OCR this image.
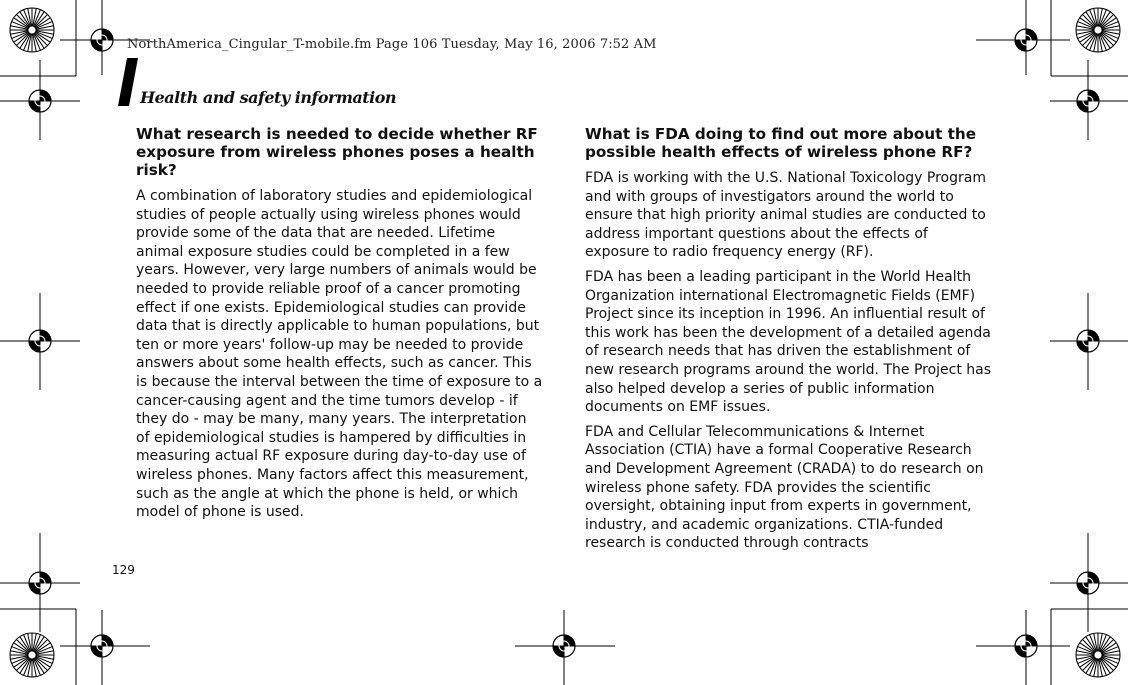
NorthAmerica_Cingular_T-mobile.fm Page 106 Tuesday, May 16, 2006 7:52 AM
Health and safety information
What research is needed to decide whether RF exposure from wireless phones poses a health risk?
A combination of laboratory studies and epidemiological studies of people actually using wireless phones would provide some of the data that are needed. Lifetime animal exposure studies could be completed in a few years. However, very large numbers of animals would be needed to provide reliable proof of a cancer promoting effect if one exists. Epidemiological studies can provide data that is directly applicable to human populations, but ten or more years' follow-up may be needed to provide answers about some health effects, such as cancer. This is because the interval between the time of exposure to a cancer-causing agent and the time tumors develop - if they do - may be many, many years. The interpretation of epidemiological studies is hampered by difficulties in measuring actual RF exposure during day-to-day use of wireless phones. Many factors affect this measurement, such as the angle at which the phone is held, or which model of phone is used.
What is FDA doing to find out more about the possible health effects of wireless phone RF?
FDA is working with the U.S. National Toxicology Program and with groups of investigators around the world to ensure that high priority animal studies are conducted to address important questions about the effects of exposure to radio frequency energy (RF).
FDA has been a leading participant in the World Health Organization international Electromagnetic Fields (EMF) Project since its inception in 1996. An influential result of this work has been the development of a detailed agenda of research needs that has driven the establishment of new research programs around the world. The Project has also helped develop a series of public information documents on EMF issues.
FDA and Cellular Telecommunications & Internet Association (CTIA) have a formal Cooperative Research and Development Agreement (CRADA) to do research on wireless phone safety. FDA provides the scientific oversight, obtaining input from experts in government, industry, and academic organizations. CTIA-funded research is conducted through contracts
129
